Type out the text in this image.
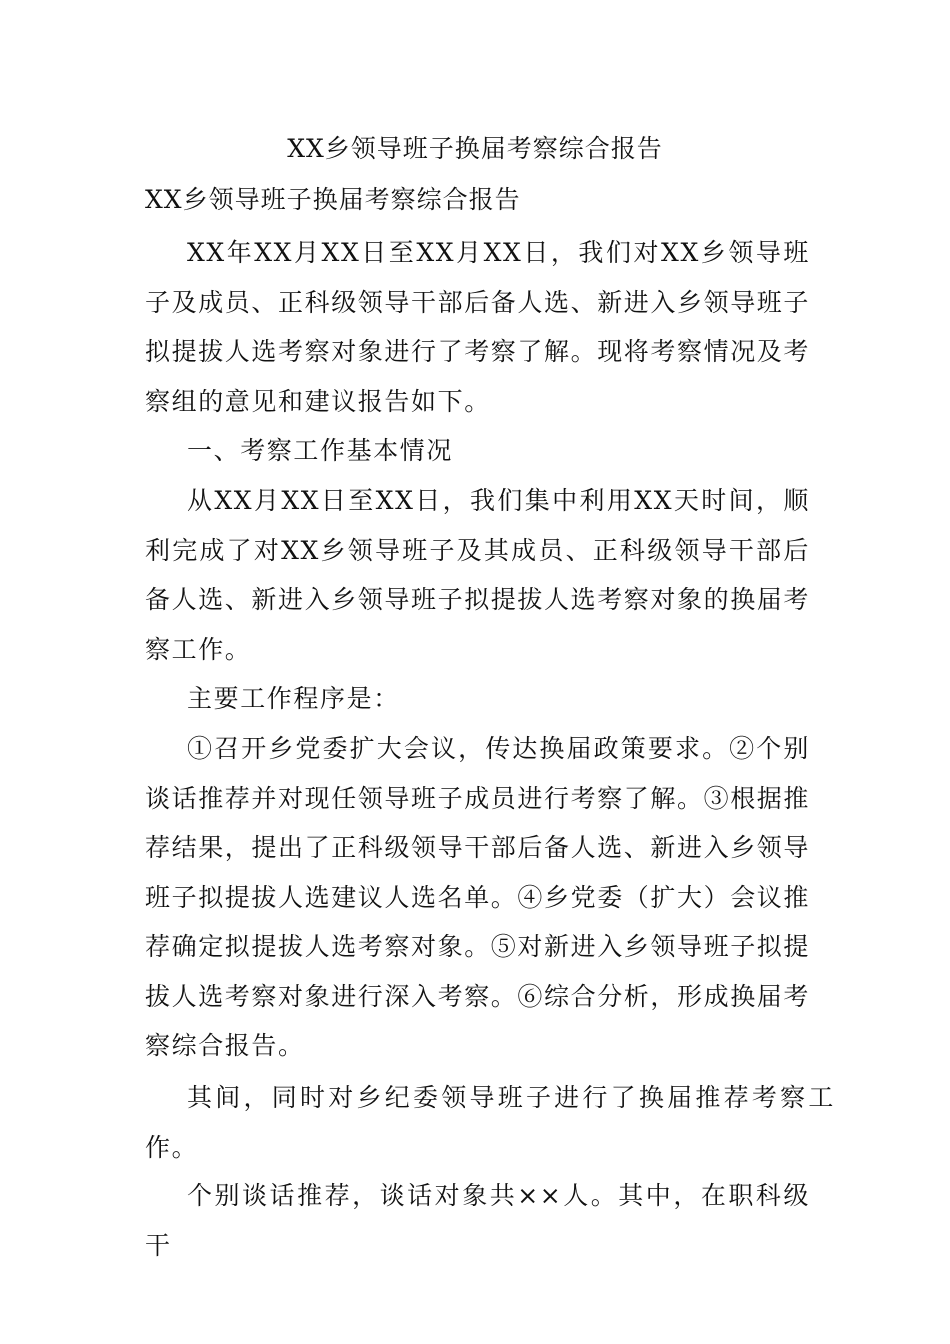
XX乡领导班子换届考察综合报告
XX乡领导班子换届考察综合报告

XX年XX月XX日至XX月XX日，我们对XX乡领导班子及成员、正科级领导干部后备人选、新进入乡领导班子拟提拔人选考察对象进行了考察了解。现将考察情况及考察组的意见和建议报告如下。

一、考察工作基本情况

从XX月XX日至XX日，我们集中利用XX天时间，顺利完成了对XX乡领导班子及其成员、正科级领导干部后备人选、新进入乡领导班子拟提拔人选考察对象的换届考察工作。

主要工作程序是：

①召开乡党委扩大会议，传达换届政策要求。②个别谈话推荐并对现任领导班子成员进行考察了解。③根据推荐结果，提出了正科级领导干部后备人选、新进入乡领导班子拟提拔人选建议人选名单。④乡党委（扩大）会议推荐确定拟提拔人选考察对象。⑤对新进入乡领导班子拟提拔人选考察对象进行深入考察。⑥综合分析，形成换届考察综合报告。

其间，同时对乡纪委领导班子进行了换届推荐考察工作。

个别谈话推荐，谈话对象共××人。其中，在职科级干
